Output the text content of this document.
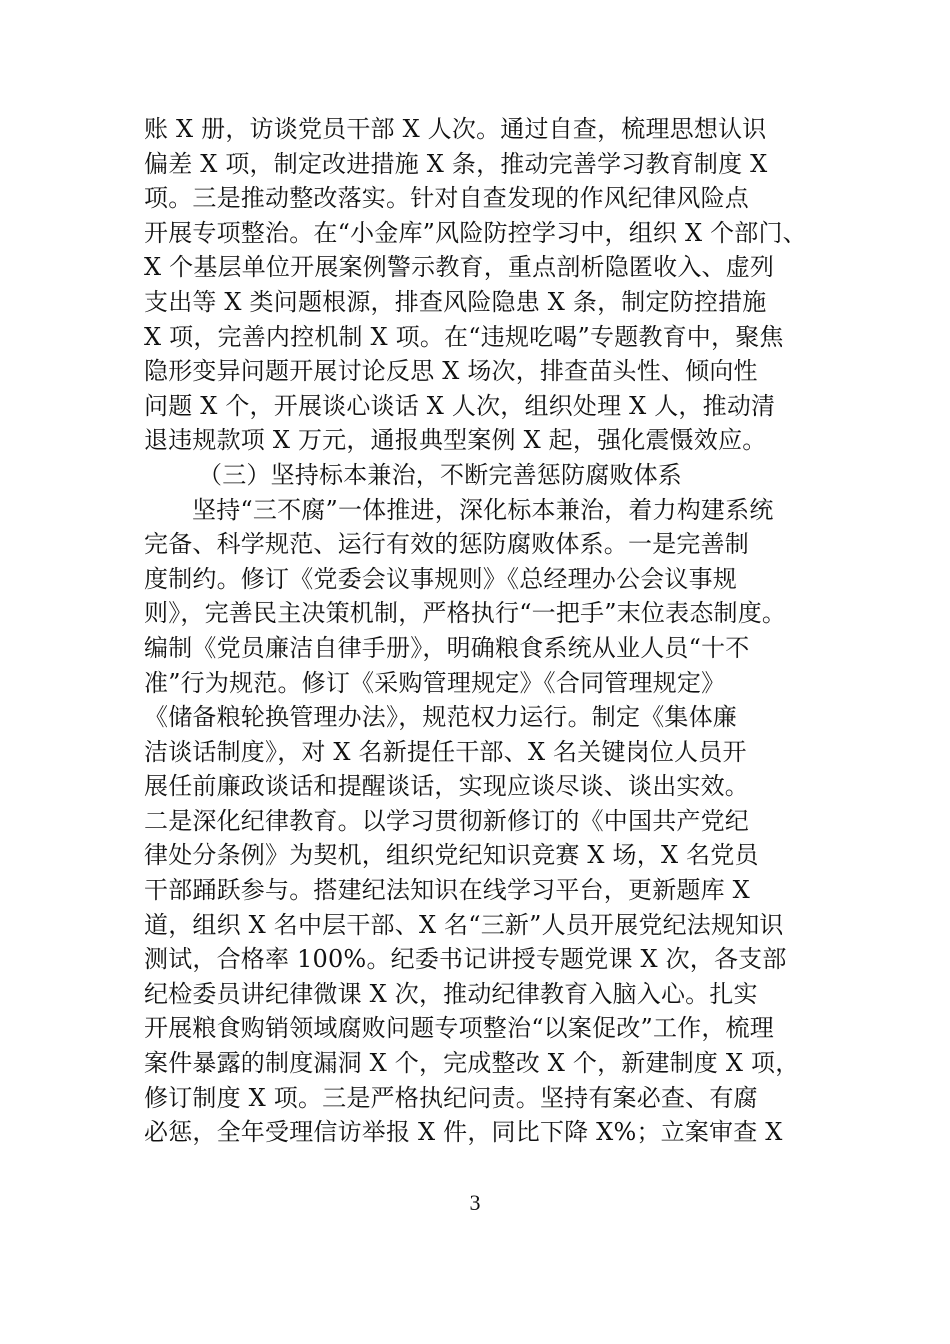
账 X 册，访谈党员干部 X 人次。通过自查，梳理思想认识
偏差 X 项，制定改进措施 X 条，推动完善学习教育制度 X
项。三是推动整改落实。针对自查发现的作风纪律风险点
开展专项整治。在“小金库”风险防控学习中，组织 X 个部门、
X 个基层单位开展案例警示教育，重点剖析隐匿收入、虚列
支出等 X 类问题根源，排查风险隐患 X 条，制定防控措施
X 项，完善内控机制 X 项。在“违规吃喝”专题教育中，聚焦
隐形变异问题开展讨论反思 X 场次，排查苗头性、倾向性
问题 X 个，开展谈心谈话 X 人次，组织处理 X 人，推动清
退违规款项 X 万元，通报典型案例 X 起，强化震慑效应。
（三）坚持标本兼治，不断完善惩防腐败体系
坚持“三不腐”一体推进，深化标本兼治，着力构建系统
完备、科学规范、运行有效的惩防腐败体系。一是完善制
度制约。修订《党委会议事规则》《总经理办公会议事规
则》，完善民主决策机制，严格执行“一把手”末位表态制度。
编制《党员廉洁自律手册》，明确粮食系统从业人员“十不
准”行为规范。修订《采购管理规定》《合同管理规定》
《储备粮轮换管理办法》，规范权力运行。制定《集体廉
洁谈话制度》，对 X 名新提任干部、X 名关键岗位人员开
展任前廉政谈话和提醒谈话，实现应谈尽谈、谈出实效。
二是深化纪律教育。以学习贯彻新修订的《中国共产党纪
律处分条例》为契机，组织党纪知识竞赛 X 场，X 名党员
干部踊跃参与。搭建纪法知识在线学习平台，更新题库 X
道，组织 X 名中层干部、X 名“三新”人员开展党纪法规知识
测试，合格率 100%。纪委书记讲授专题党课 X 次，各支部
纪检委员讲纪律微课 X 次，推动纪律教育入脑入心。扎实
开展粮食购销领域腐败问题专项整治“以案促改”工作，梳理
案件暴露的制度漏洞 X 个，完成整改 X 个，新建制度 X 项，
修订制度 X 项。三是严格执纪问责。坚持有案必查、有腐
必惩，全年受理信访举报 X 件，同比下降 X%；立案审查 X
3
